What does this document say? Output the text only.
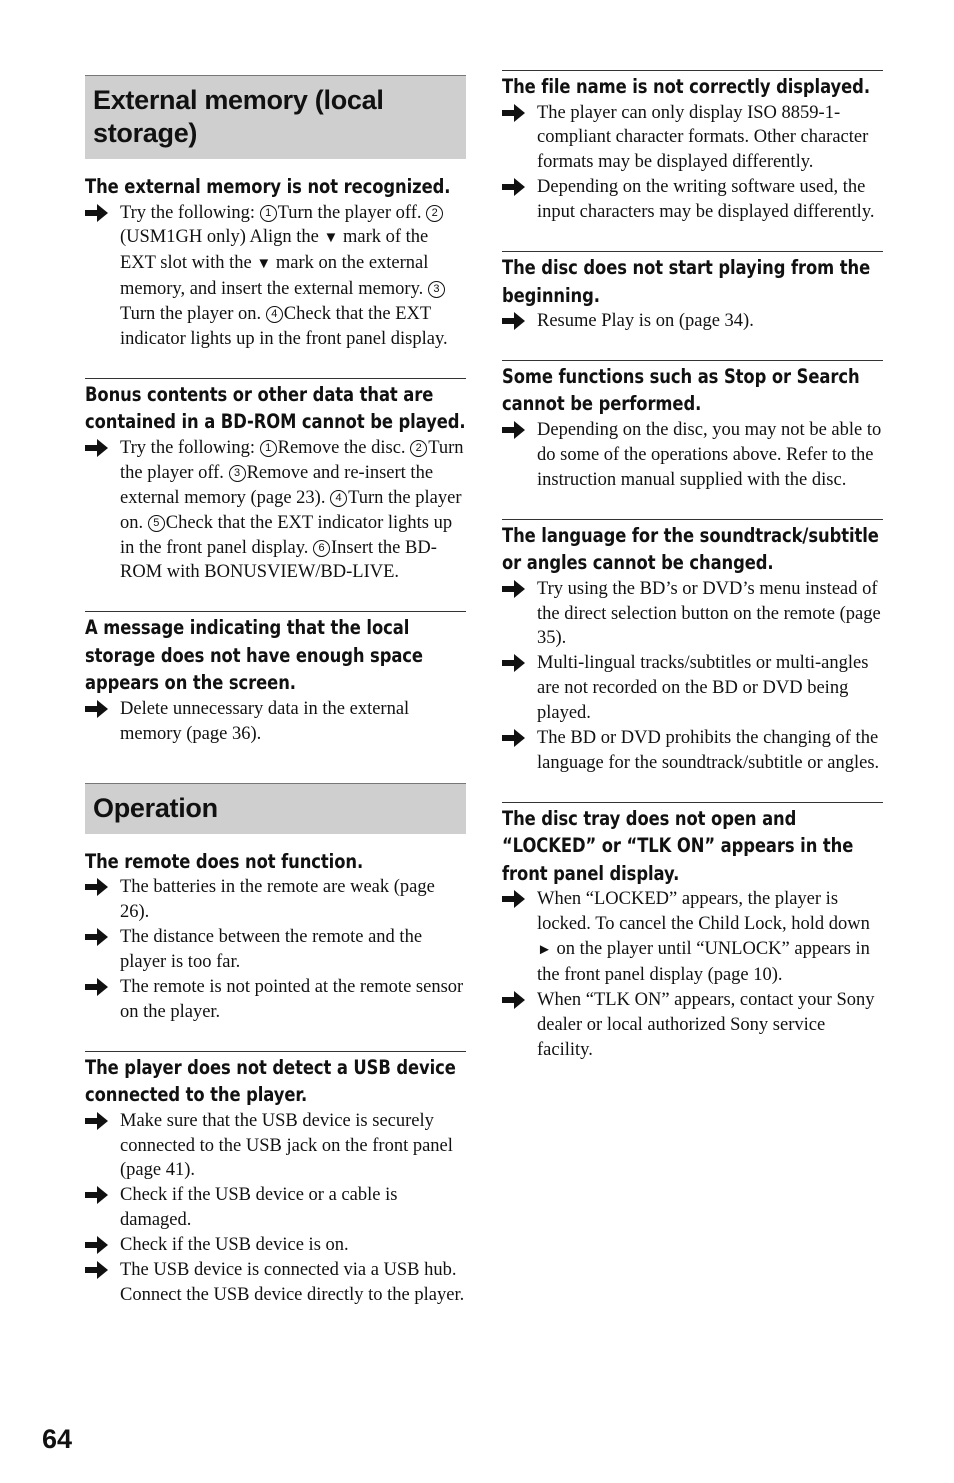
External memory (local storage)
The external memory is not recognized.
Try the following: 1 Turn the player off. 2(USM1GH only) Align the ▼ mark of the EXT slot with the ▼ mark on the external memory, and insert the external memory. 3Turn the player on. 4 Check that the EXT indicator lights up in the front panel display.
Bonus contents or other data that are
contained in a BD-ROM cannot be played.
Try the following: 1 Remove the disc. 2 Turn the player off. 3 Remove and re-insert the external memory (page 23). 4 Turn the player on. 5 Check that the EXT indicator lights up in the front panel display. 6 Insert the BD-ROM with BONUSVIEW/BD-LIVE.
A message indicating that the local
storage does not have enough space
appears on the screen.
Delete unnecessary data in the external memory (page 36).
Operation
The remote does not function.
The batteries in the remote are weak (page 26).
The distance between the remote and the player is too far.
The remote is not pointed at the remote sensor on the player.
The player does not detect a USB device
connected to the player.
Make sure that the USB device is securely connected to the USB jack on the front panel (page 41).
Check if the USB device or a cable is damaged.
Check if the USB device is on.
The USB device is connected via a USB hub. Connect the USB device directly to the player.
The file name is not correctly displayed.
The player can only display ISO 8859-1-compliant character formats. Other character formats may be displayed differently.
Depending on the writing software used, the input characters may be displayed differently.
The disc does not start playing from the
beginning.
Resume Play is on (page 34).
Some functions such as Stop or Search
cannot be performed.
Depending on the disc, you may not be able to do some of the operations above. Refer to the instruction manual supplied with the disc.
The language for the soundtrack/subtitle
or angles cannot be changed.
Try using the BD’s or DVD’s menu instead of the direct selection button on the remote (page 35).
Multi-lingual tracks/subtitles or multi-angles are not recorded on the BD or DVD being played.
The BD or DVD prohibits the changing of the language for the soundtrack/subtitle or angles.
The disc tray does not open and
“LOCKED” or “TLK ON” appears in the
front panel display.
When “LOCKED” appears, the player is locked. To cancel the Child Lock, hold down ► on the player until “UNLOCK” appears in the front panel display (page 10).
When “TLK ON” appears, contact your Sony dealer or local authorized Sony service facility.
64
